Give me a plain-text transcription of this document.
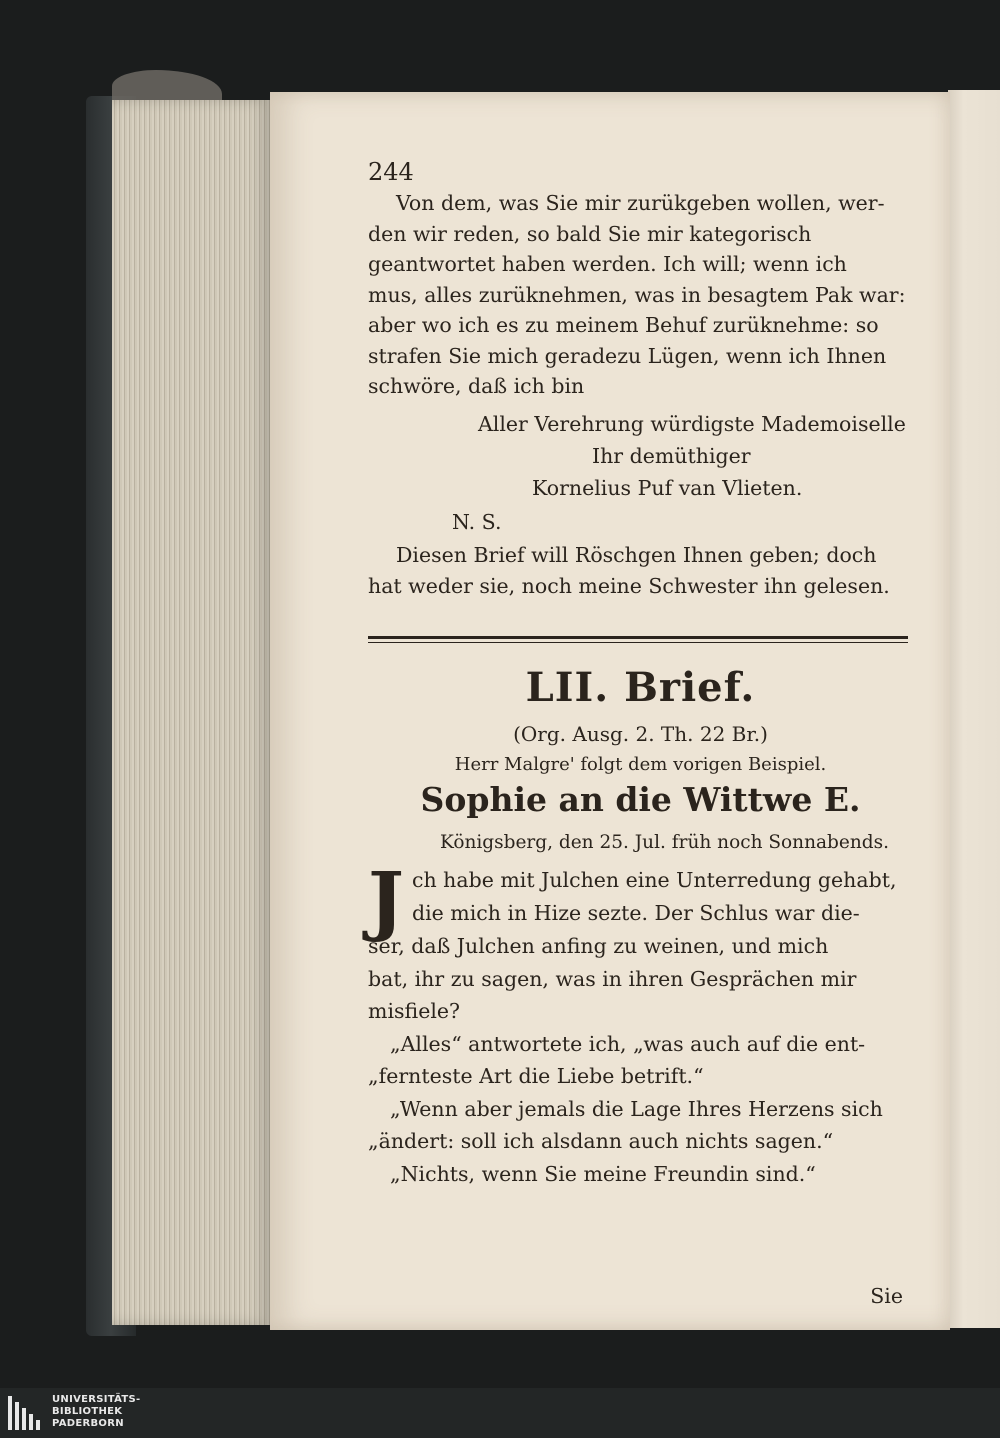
244

Von dem, was Sie mir zurükgeben wollen, wer-
den wir reden, so bald Sie mir kategorisch
geantwortet haben werden. Ich will; wenn ich
mus, alles zurüknehmen, was in besagtem Pak war:
aber wo ich es zu meinem Behuf zurüknehme: so
strafen Sie mich geradezu Lügen, wenn ich Ihnen
schwöre, daß ich bin

Aller Verehrung würdigste Mademoiselle
Ihr demüthiger
Kornelius Puf van Vlieten.
N. S.

Diesen Brief will Röschgen Ihnen geben; doch
hat weder sie, noch meine Schwester ihn gelesen.

LII. Brief.
(Org. Ausg. 2. Th. 22 Br.)
Herr Malgre' folgt dem vorigen Beispiel.
Sophie an die Wittwe E.
Königsberg, den 25. Jul. früh noch Sonnabends.
J ch habe mit Julchen eine Unterredung gehabt,
die mich in Hize sezte. Der Schlus war die-
ser, daß Julchen anfing zu weinen, und mich
bat, ihr zu sagen, was in ihren Gesprächen mir
misfiele?
„Alles“ antwortete ich, „was auch auf die ent-
„fernteste Art die Liebe betrift.“
„Wenn aber jemals die Lage Ihres Herzens sich
„ändert: soll ich alsdann auch nichts sagen.“
„Nichts, wenn Sie meine Freundin sind.“
Sie
UNIVERSITÄTS-
BIBLIOTHEK
PADERBORN
